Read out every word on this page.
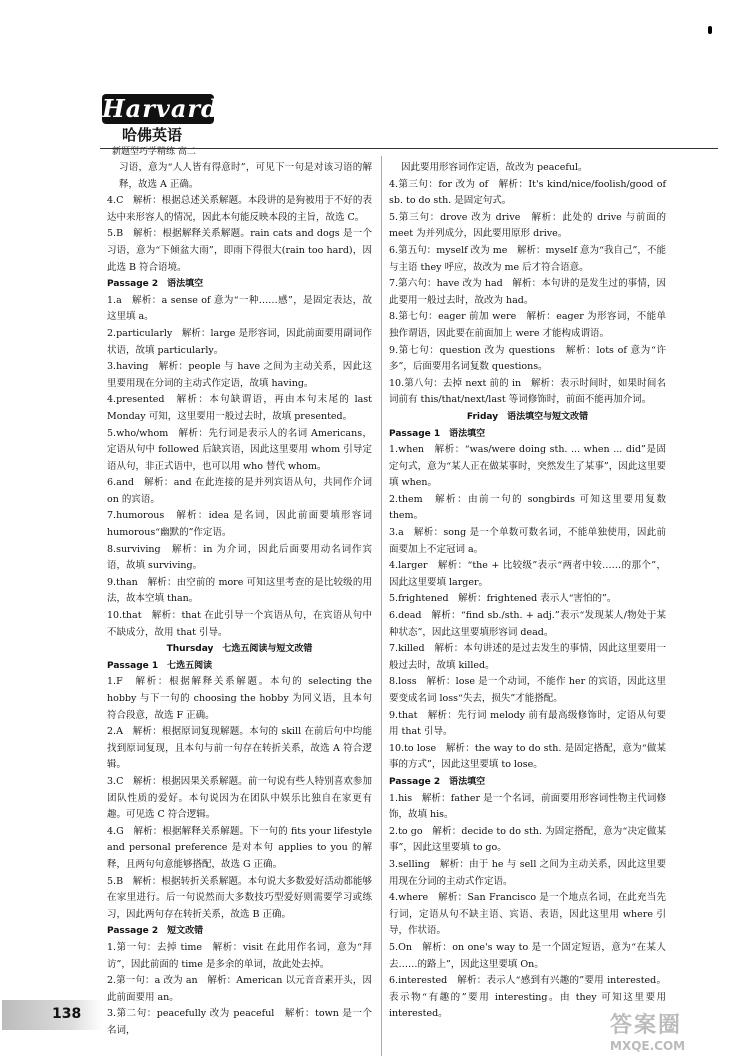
Harvard
哈佛英语
新题型巧学精练 高二

习语，意为“人人皆有得意时”，可见下一句是对该习语的解释，故选 A 正确。

4.C　解析：根据总述关系解题。本段讲的是狗被用于不好的表达中来形容人的情况，因此本句能反映本段的主旨，故选 C。

5.B　解析：根据解释关系解题。rain cats and dogs 是一个习语，意为“下倾盆大雨”，即雨下得很大(rain too hard)，因此选 B 符合语境。

Passage 2　语法填空

1.a　解析：a sense of 意为“一种……感”，是固定表达，故这里填 a。

2.particularly　解析：large 是形容词，因此前面要用副词作状语，故填 particularly。

3.having　解析：people 与 have 之间为主动关系，因此这里要用现在分词的主动式作定语，故填 having。

4.presented　解析：本句缺谓语，再由本句末尾的 last Monday 可知，这里要用一般过去时，故填 presented。

5.who/whom　解析：先行词是表示人的名词 Americans，定语从句中 followed 后缺宾语，因此这里要用 whom 引导定语从句，非正式语中，也可以用 who 替代 whom。

6.and　解析：and 在此连接的是并列宾语从句，共同作介词 on 的宾语。

7.humorous　解析：idea 是名词，因此前面要填形容词 humorous“幽默的”作定语。

8.surviving　解析：in 为介词，因此后面要用动名词作宾语，故填 surviving。

9.than　解析：由空前的 more 可知这里考查的是比较级的用法，故本空填 than。

10.that　解析：that 在此引导一个宾语从句，在宾语从句中不缺成分，故用 that 引导。

Thursday　七选五阅读与短文改错

Passage 1　七选五阅读

1.F　解析：根据解释关系解题。本句的 selecting the hobby 与下一句的 choosing the hobby 为同义语，且本句符合段意，故选 F 正确。

2.A　解析：根据原词复现解题。本句的 skill 在前后句中均能找到原词复现，且本句与前一句存在转折关系，故选 A 符合逻辑。

3.C　解析：根据因果关系解题。前一句说有些人特别喜欢参加团队性质的爱好。本句说因为在团队中娱乐比独自在家更有趣。可见选 C 符合逻辑。

4.G　解析：根据解释关系解题。下一句的 fits your lifestyle and personal preference 是对本句 applies to you 的解释，且两句句意能够搭配，故选 G 正确。

5.B　解析：根据转折关系解题。本句说大多数爱好活动都能够在家里进行。后一句说然而大多数技巧型爱好则需要学习或练习，因此两句存在转折关系，故选 B 正确。

Passage 2　短文改错

1.第一句：去掉 time　解析：visit 在此用作名词，意为“拜访”，因此前面的 time 是多余的单词，故此处去掉。

2.第一句：a 改为 an　解析：American 以元音音素开头，因此前面要用 an。

3.第二句：peacefully 改为 peaceful　解析：town 是一个名词，

因此要用形容词作定语，故改为 peaceful。

4.第三句：for 改为 of　解析：It's kind/nice/foolish/good of sb. to do sth. 是固定句式。

5.第三句：drove 改为 drive　解析：此处的 drive 与前面的 meet 为并列成分，因此要用原形 drive。

6.第五句：myself 改为 me　解析：myself 意为“我自己”，不能与主语 they 呼应，故改为 me 后才符合语意。

7.第六句：have 改为 had　解析：本句讲的是发生过的事情，因此要用一般过去时，故改为 had。

8.第七句：eager 前加 were　解析：eager 为形容词，不能单独作谓语，因此要在前面加上 were 才能构成谓语。

9.第七句：question 改为 questions　解析：lots of 意为“许多”，后面要用名词复数 questions。

10.第八句：去掉 next 前的 in　解析：表示时间时，如果时间名词前有 this/that/next/last 等词修饰时，前面不能再加介词。

Friday　语法填空与短文改错

Passage 1　语法填空

1.when　解析：“was/were doing sth. ... when ... did”是固定句式，意为“某人正在做某事时，突然发生了某事”，因此这里要填 when。

2.them　解析：由前一句的 songbirds 可知这里要用复数 them。

3.a　解析：song 是一个单数可数名词，不能单独使用，因此前面要加上不定冠词 a。

4.larger　解析：“the + 比较级”表示“两者中较……的那个”，因此这里要填 larger。

5.frightened　解析：frightened 表示人“害怕的”。

6.dead　解析：“find sb./sth. + adj.”表示“发现某人/物处于某种状态”，因此这里要填形容词 dead。

7.killed　解析：本句讲述的是过去发生的事情，因此这里要用一般过去时，故填 killed。

8.loss　解析：lose 是一个动词，不能作 her 的宾语，因此这里要变成名词 loss“失去，损失”才能搭配。

9.that　解析：先行词 melody 前有最高级修饰时，定语从句要用 that 引导。

10.to lose　解析：the way to do sth. 是固定搭配，意为“做某事的方式”，因此这里要填 to lose。

Passage 2　语法填空

1.his　解析：father 是一个名词，前面要用形容词性物主代词修饰，故填 his。

2.to go　解析：decide to do sth. 为固定搭配，意为“决定做某事”，因此这里要填 to go。

3.selling　解析：由于 he 与 sell 之间为主动关系，因此这里要用现在分词的主动式作定语。

4.where　解析：San Francisco 是一个地点名词，在此充当先行词，定语从句不缺主语、宾语、表语，因此这里用 where 引导，作状语。

5.On　解析：on one's way to 是一个固定短语，意为“在某人去……的路上”，因此这里要填 On。

6.interested　解析：表示人“感到有兴趣的”要用 interested。表示物“有趣的”要用 interesting。由 they 可知这里要用 interested。

138	答案圈
MXQE.COM
